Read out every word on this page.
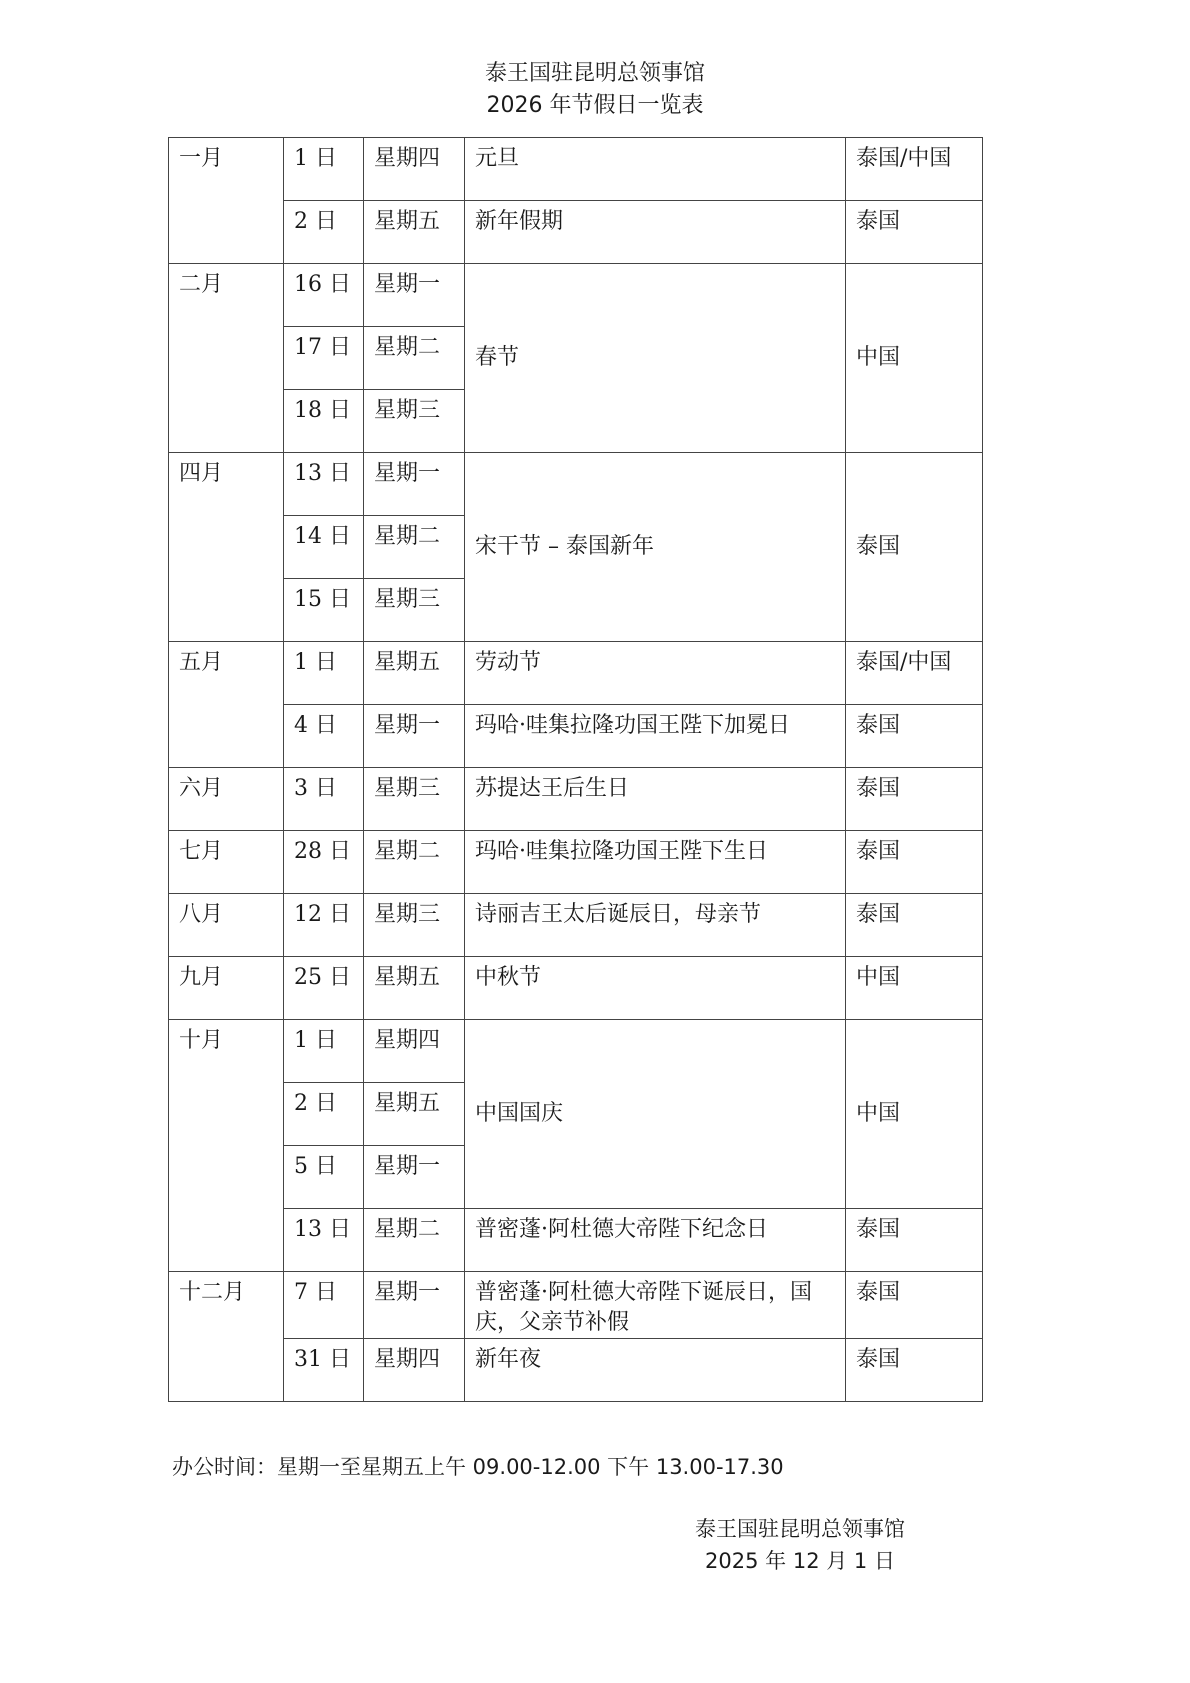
泰王国驻昆明总领事馆
2026 年节假日一览表
一月	1 日	星期四	元旦	泰国/中国
	2 日	星期五	新年假期	泰国
二月	16 日	星期一	春节	中国
	17 日	星期二		
	18 日	星期三		
四月	13 日	星期一	宋干节 – 泰国新年	泰国
	14 日	星期二		
	15 日	星期三		
五月	1 日	星期五	劳动节	泰国/中国
	4 日	星期一	玛哈·哇集拉隆功国王陛下加冕日	泰国
六月	3 日	星期三	苏提达王后生日	泰国
七月	28 日	星期二	玛哈·哇集拉隆功国王陛下生日	泰国
八月	12 日	星期三	诗丽吉王太后诞辰日，母亲节	泰国
九月	25 日	星期五	中秋节	中国
十月	1 日	星期四	中国国庆	中国
	2 日	星期五		
	5 日	星期一		
	13 日	星期二	普密蓬·阿杜德大帝陛下纪念日	泰国
十二月	7 日	星期一	普密蓬·阿杜德大帝陛下诞辰日，国庆，父亲节补假	泰国
	31 日	星期四	新年夜	泰国
办公时间：星期一至星期五上午 09.00-12.00 下午 13.00-17.30
泰王国驻昆明总领事馆
2025 年 12 月 1 日
